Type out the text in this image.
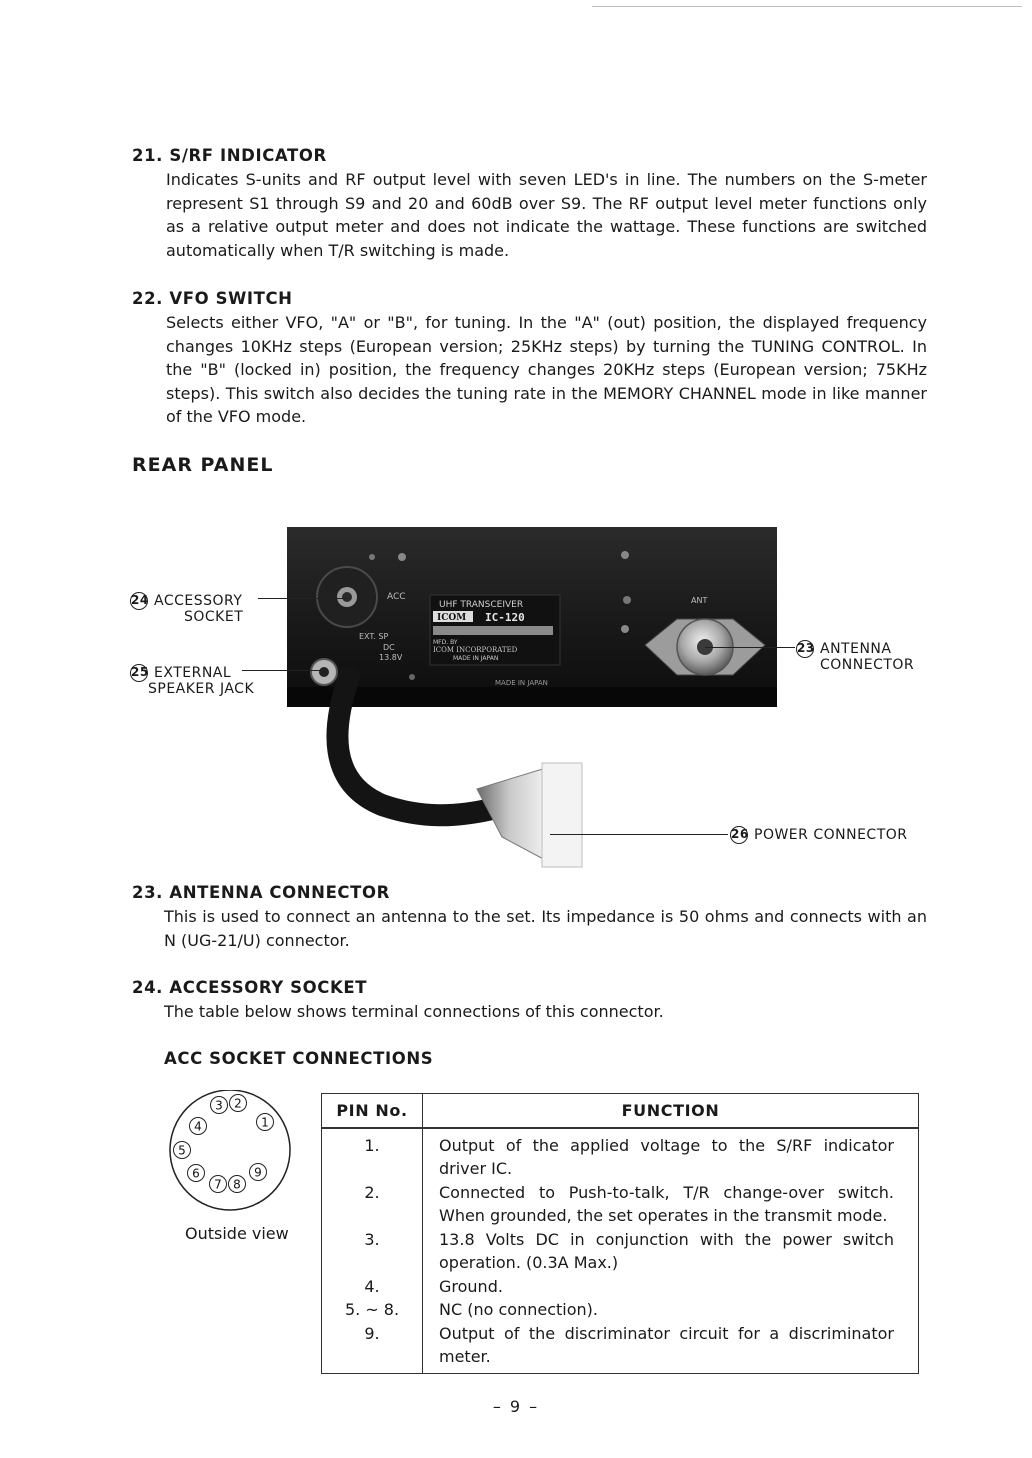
21. S/RF INDICATOR
Indicates S-units and RF output level with seven LED's in line. The numbers on the S-meter represent S1 through S9 and 20 and 60dB over S9. The RF output level meter functions only as a relative output meter and does not indicate the wattage. These functions are switched automatically when T/R switching is made.
22. VFO SWITCH
Selects either VFO, "A" or "B", for tuning. In the "A" (out) position, the displayed frequency changes 10KHz steps (European version; 25KHz steps) by turning the TUNING CONTROL. In the "B" (locked in) position, the frequency changes 20KHz steps (European version; 75KHz steps). This switch also decides the tuning rate in the MEMORY CHANNEL mode in like manner of the VFO mode.
REAR PANEL
ACC
EXT. SP
DC
13.8V
UHF TRANSCEIVER
ICOM IC-120
MFD. BY
ICOM INCORPORATED
MADE IN JAPAN
MADE IN JAPAN
ANT
24 ACCESSORY
SOCKET
25 EXTERNAL
SPEAKER JACK
23 ANTENNA
CONNECTOR
26 POWER CONNECTOR
23. ANTENNA CONNECTOR
This is used to connect an antenna to the set. Its impedance is 50 ohms and connects with an N (UG-21/U) connector.
24. ACCESSORY SOCKET
The table below shows terminal connections of this connector.
ACC SOCKET CONNECTIONS
1
2
3
4
5
6
7 8
9
Outside view
PIN No.	FUNCTION
1.	Output of the applied voltage to the S/RF indicator driver IC.
2.	Connected to Push-to-talk, T/R change-over switch. When grounded, the set operates in the transmit mode.
3.	13.8 Volts DC in conjunction with the power switch operation. (0.3A Max.)
4.	Ground.
5. ~ 8.	NC (no connection).
9.	Output of the discriminator circuit for a discriminator meter.
– 9 –
